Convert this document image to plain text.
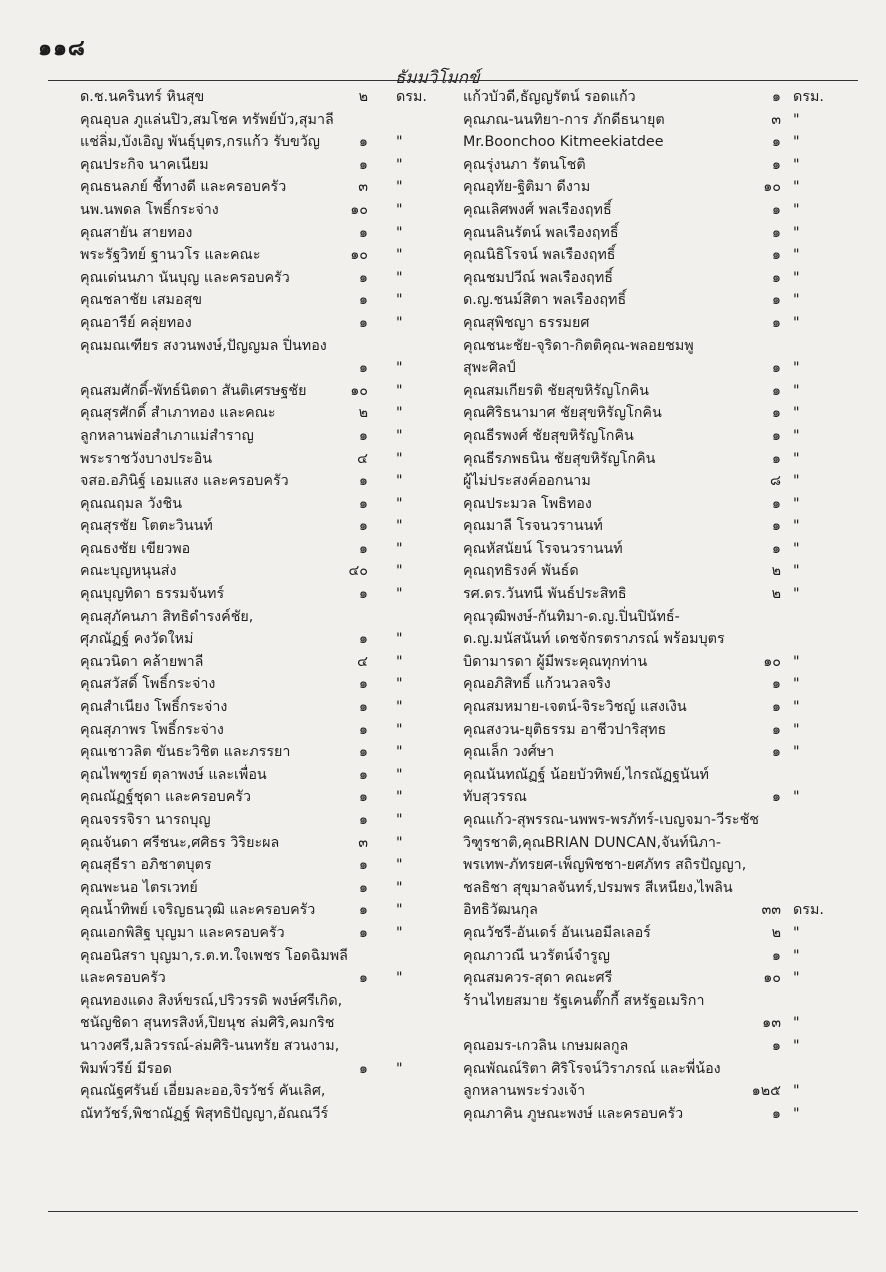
๑๑๘
ธัมมวิโมกข์
ด.ช.นครินทร์ หินสุข	๒ ดรม.
คุณอุบล ภูแล่นปิว,สมโชค ทรัพย์บัว,สุมาลี
แช่ลิ่ม,บังเอิญ พันธุ์บุตร,กรแก้ว รับขวัญ	๑ "
คุณประกิจ นาคเนียม	๑ "
คุณธนลภย์ ชี้ทางดี และครอบครัว	๓ "
นพ.นพดล โพธิ์กระจ่าง	๑๐ "
คุณสายัน สายทอง	๑ "
พระรัฐวิทย์ ฐานวโร และคณะ	๑๐ "
คุณเด่นนภา นันบุญ และครอบครัว	๑ "
คุณชลาชัย เสมอสุข	๑ "
คุณอารีย์ คลุ่ยทอง	๑ "
คุณมณเฑียร สงวนพงษ์,ปัญญมล ปิ่นทอง
๑ "
คุณสมศักดิ์-พัทธ์นิตดา สันติเศรษฐชัย	๑๐ "
คุณสุรศักดิ์ สำเภาทอง และคณะ	๒ "
ลูกหลานพ่อสำเภาแม่สำราญ	๑ "
พระราชวังบางประอิน	๔ "
จสอ.อภินิฐ์ เอมแสง และครอบครัว	๑ "
คุณณฤมล วังชิน	๑ "
คุณสุรชัย โตตะวินนท์	๑ "
คุณธงชัย เขียวพอ	๑ "
คณะบุญหนุนส่ง	๔๐ "
คุณบุญทิดา ธรรมจันทร์	๑ "
คุณสุภัคนภา สิทธิดำรงค์ชัย,
ศุภณัฏฐ์ คงวัดใหม่	๑ "
คุณวนิดา คล้ายพาลี	๔ "
คุณสวัสดิ์ โพธิ์กระจ่าง	๑ "
คุณสำเนียง โพธิ์กระจ่าง	๑ "
คุณสุภาพร โพธิ์กระจ่าง	๑ "
คุณเชาวลิต ขันธะวิชิต และภรรยา	๑ "
คุณไพฑูรย์ ตุลาพงษ์ และเพื่อน	๑ "
คุณณัฏฐ์ชุดา และครอบครัว	๑ "
คุณจรรจิรา นารถบุญ	๑ "
คุณจันดา ศรีชนะ,ศศิธร วิริยะผล	๓ "
คุณสุธีรา อภิชาตบุตร	๑ "
คุณพะนอ ไตรเวทย์	๑ "
คุณน้ำทิพย์ เจริญธนวุฒิ และครอบครัว	๑ "
คุณเอกพิสิฐ บุญมา และครอบครัว	๑ "
คุณอนิสรา บุญมา,ร.ต.ท.ใจเพชร โอดฉิมพลี
และครอบครัว	๑ "
คุณทองแดง สิงห์ขรณ์,ปริวรรดิ พงษ์ศรีเกิด,
ชนัญชิดา สุนทรสิงห์,ปิยนุช ล่มศิริ,คมกริช
นาวงศรี,มลิวรรณ์-ล่มศิริ-นนทรัย สวนงาม,
พิมพ์วรีย์ มีรอด	๑ "
คุณณัฐศรันย์ เอี่ยมละออ,จิรวัชร์ คันเลิศ,
ณัทวัชร์,พิชาณัฏฐ์ พิสุทธิปัญญา,อัณณวีร์
แก้วบัวดี,ธัญญรัตน์ รอดแก้ว	๑ ดรม.
คุณภณ-นนทิยา-การ ภักดีธนายุต	๓ "
Mr.Boonchoo Kitmeekiatdee	๑ "
คุณรุ่งนภา รัตนโชติ	๑ "
คุณอุทัย-ฐิติมา ดีงาม	๑๐ "
คุณเลิศพงศ์ พลเรืองฤทธิ์	๑ "
คุณนลินรัตน์ พลเรืองฤทธิ์	๑ "
คุณนิธิโรจน์ พลเรืองฤทธิ์	๑ "
คุณชมปวีณ์ พลเรืองฤทธิ์	๑ "
ด.ญ.ชนม์สิตา พลเรืองฤทธิ์	๑ "
คุณสุพิชญา ธรรมยศ	๑ "
คุณชนะชัย-จุริดา-กิตติคุณ-พลอยชมพู
สุพะศิลป์	๑ "
คุณสมเกียรติ ชัยสุขหิรัญโกคิน	๑ "
คุณศิริธนามาศ ชัยสุขหิรัญโกคิน	๑ "
คุณธีรพงศ์ ชัยสุขหิรัญโกคิน	๑ "
คุณธีรภพธนิน ชัยสุขหิรัญโกคิน	๑ "
ผู้ไม่ประสงค์ออกนาม	๘ "
คุณประมวล โพธิทอง	๑ "
คุณมาลี โรจนวรานนท์	๑ "
คุณหัสนัยน์ โรจนวรานนท์	๑ "
คุณฤทธิรงค์ พันธ์ด	๒ "
รศ.ดร.วันทนี พันธ์ประสิทธิ	๒ "
คุณวุฒิพงษ์-กันทิมา-ด.ญ.ปิ่นปินัทธ์-
ด.ญ.มนัสนันท์ เดชจักรตราภรณ์ พร้อมบุตร
บิดามารดา ผู้มีพระคุณทุกท่าน	๑๐ "
คุณอภิสิทธิ์ แก้วนวลจริง	๑ "
คุณสมหมาย-เจตน์-จิระวิชญ์ แสงเงิน	๑ "
คุณสงวน-ยุติธรรม อาชีวปาริสุทธ	๑ "
คุณเล็ก วงศ์ษา	๑ "
คุณนันทณัฏฐ์ น้อยบัวทิพย์,ไกรณัฏฐนันท์
ทับสุวรรณ	๑ "
คุณแก้ว-สุพรรณ-นพพร-พรภัทร์-เบญจมา-วีระชัช
วิฑูรชาติ,คุณBRIAN DUNCAN,จันท์นิภา-
พรเทพ-ภัทรยศ-เพ็ญพิชชา-ยศภัทร สถิรปัญญา,
ชลธิชา สุขุมาลจันทร์,ปรมพร สีเหนียง,ไพลิน
อิทธิวัฒนกุล	๓๓ ดรม.
คุณวัชรี-อันเดร์ อันเนอมีลเลอร์	๒ "
คุณภาวณี นวรัตน์จำรูญ	๑ "
คุณสมควร-สุดา คณะศรี	๑๐ "
ร้านไทยสมาย รัฐเคนตั๊กกี้ สหรัฐอเมริกา
๑๓ "
คุณอมร-เกวลิน เกษมผลกูล	๑ "
คุณพัณณ์ริตา ศิริโรจน์วิราภรณ์ และพี่น้อง
ลูกหลานพระร่วงเจ้า	๑๒๕ "
คุณภาคิน ภูษณะพงษ์ และครอบครัว	๑ "
